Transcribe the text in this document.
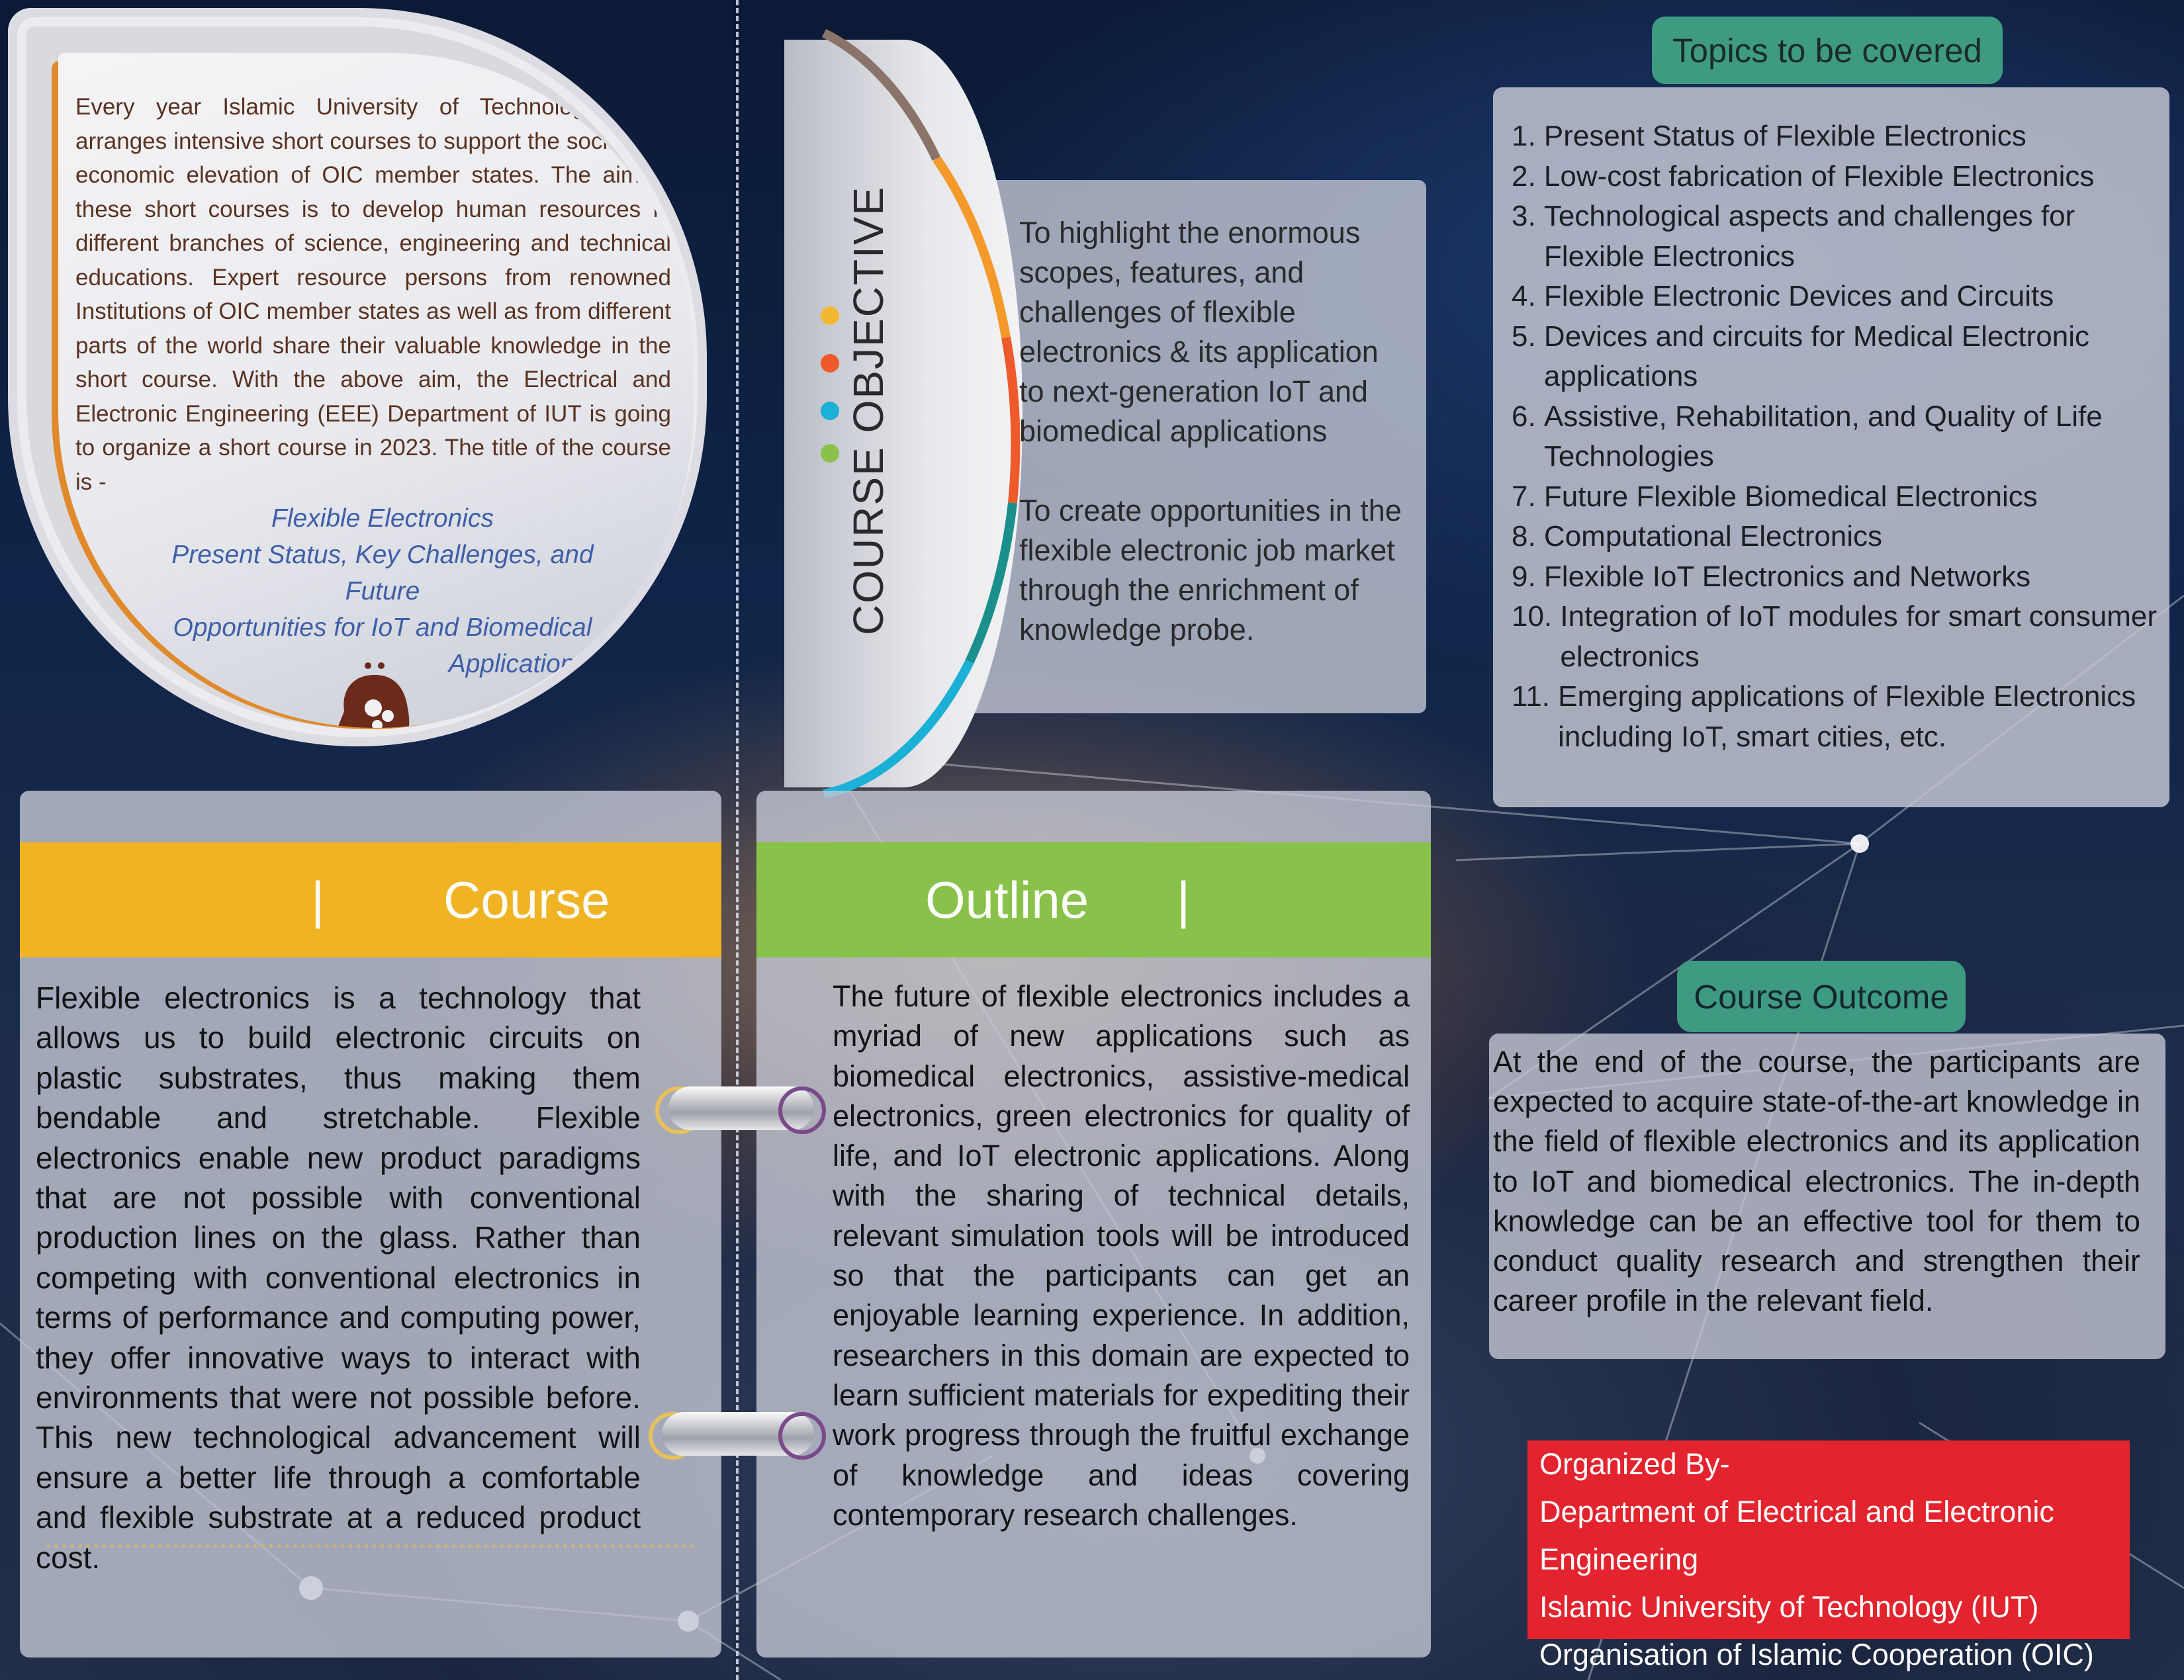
Every year Islamic University of Technology (IUT) arranges intensive short courses to support the social and economic elevation of OIC member states. The aim of these short courses is to develop human resources in different branches of science, engineering and technical educations. Expert resource persons from renowned Institutions of OIC member states as well as from different parts of the world share their valuable knowledge in the short course. With the above aim, the Electrical and Electronic Engineering (EEE) Department of IUT is going to organize a short course in 2023. The title of the course is -
Flexible Electronics
Present Status, Key Challenges, and Future
Opportunities for IoT and Biomedical
Applications
COURSE OBJECTIVE	To highlight the enormous scopes, features, and challenges of flexible electronics & its application to next-generation IoT and biomedical applications

To create opportunities in the flexible electronic job market through the enrichment of knowledge probe.

Topics to be covered
1. Present Status of Flexible Electronics
2. Low-cost fabrication of Flexible Electronics
3. Technological aspects and challenges for Flexible Electronics
4. Flexible Electronic Devices and Circuits
5. Devices and circuits for Medical Electronic applications
6. Assistive, Rehabilitation, and Quality of Life Technologies
7. Future Flexible Biomedical Electronics
8. Computational Electronics
9. Flexible IoT Electronics and Networks
10. Integration of IoT modules for smart consumer electronics
11. Emerging applications of Flexible Electronics including IoT, smart cities, etc.
| Course
Flexible electronics is a technology that allows us to build electronic circuits on plastic substrates, thus making them bendable and stretchable. Flexible electronics enable new product paradigms that are not possible with conventional production lines on the glass. Rather than competing with conventional electronics in terms of performance and computing power, they offer innovative ways to interact with environments that were not possible before. This new technological advancement will ensure a better life through a comfortable and flexible substrate at a reduced product cost.
Outline |
The future of flexible electronics includes a myriad of new applications such as biomedical electronics, assistive-medical electronics, green electronics for quality of life, and IoT electronic applications. Along with the sharing of technical details, relevant simulation tools will be introduced so that the participants can get an enjoyable learning experience. In addition, researchers in this domain are expected to learn sufficient materials for expediting their work progress through the fruitful exchange of knowledge and ideas covering contemporary research challenges.
Course Outcome
At the end of the course, the participants are expected to acquire state-of-the-art knowledge in the field of flexible electronics and its application to IoT and biomedical electronics. The in-depth knowledge can be an effective tool for them to conduct quality research and strengthen their career profile in the relevant field.
Organized By-
Department of Electrical and Electronic Engineering
Islamic University of Technology (IUT)
Organisation of Islamic Cooperation (OIC)
